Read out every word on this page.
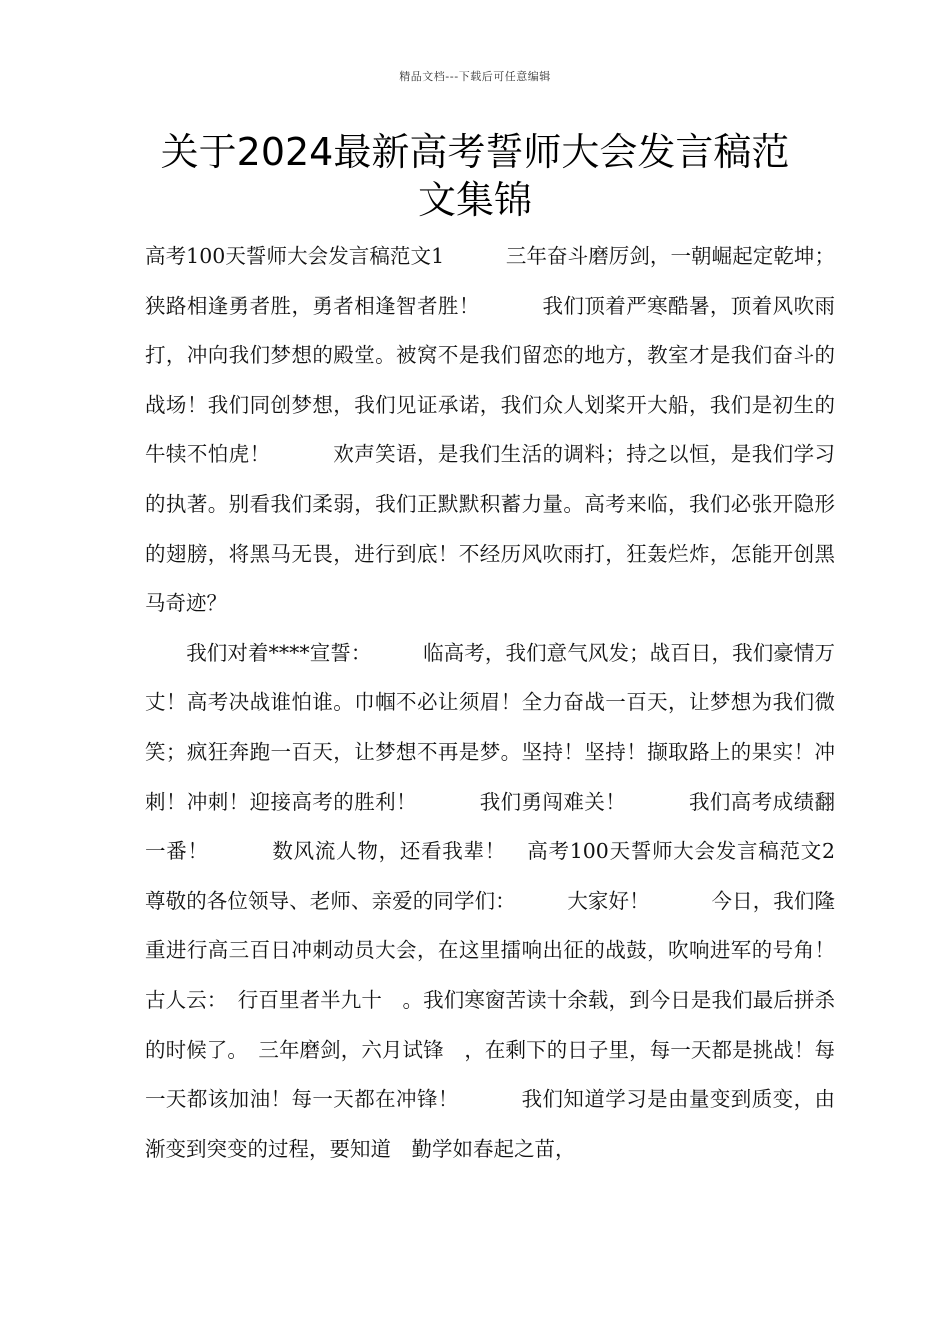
精品文档---下载后可任意编辑
关于2024最新高考誓师大会发言稿范
文集锦

高考100天誓师大会发言稿范文1　　　三年奋斗磨厉剑，一朝崛起定乾坤；狭路相逢勇者胜，勇者相逢智者胜！　　　我们顶着严寒酷暑，顶着风吹雨打，冲向我们梦想的殿堂。被窝不是我们留恋的地方，教室才是我们奋斗的战场！我们同创梦想，我们见证承诺，我们众人划桨开大船，我们是初生的牛犊不怕虎！　　　欢声笑语，是我们生活的调料；持之以恒，是我们学习的执著。别看我们柔弱，我们正默默积蓄力量。高考来临，我们必张开隐形的翅膀，将黑马无畏，进行到底！不经历风吹雨打，狂轰烂炸，怎能开创黑马奇迹？

　　我们对着****宣誓：　　　临高考，我们意气风发；战百日，我们豪情万丈！高考决战谁怕谁。巾帼不必让须眉！全力奋战一百天，让梦想为我们微笑；疯狂奔跑一百天，让梦想不再是梦。坚持！坚持！撷取路上的果实！冲刺！冲刺！迎接高考的胜利！　　　我们勇闯难关！　　　我们高考成绩翻一番！　　　数风流人物，还看我辈！　高考100天誓师大会发言稿范文2　　　尊敬的各位领导、老师、亲爱的同学们：　　　大家好！　　　今日，我们隆重进行高三百日冲刺动员大会，在这里擂响出征的战鼓，吹响进军的号角！　　　古人云：　行百里者半九十　。我们寒窗苦读十余载，到今日是我们最后拼杀的时候了。　三年磨剑，六月试锋　，在剩下的日子里，每一天都是挑战！每一天都该加油！每一天都在冲锋！　　　我们知道学习是由量变到质变，由渐变到突变的过程，要知道　勤学如春起之苗，
